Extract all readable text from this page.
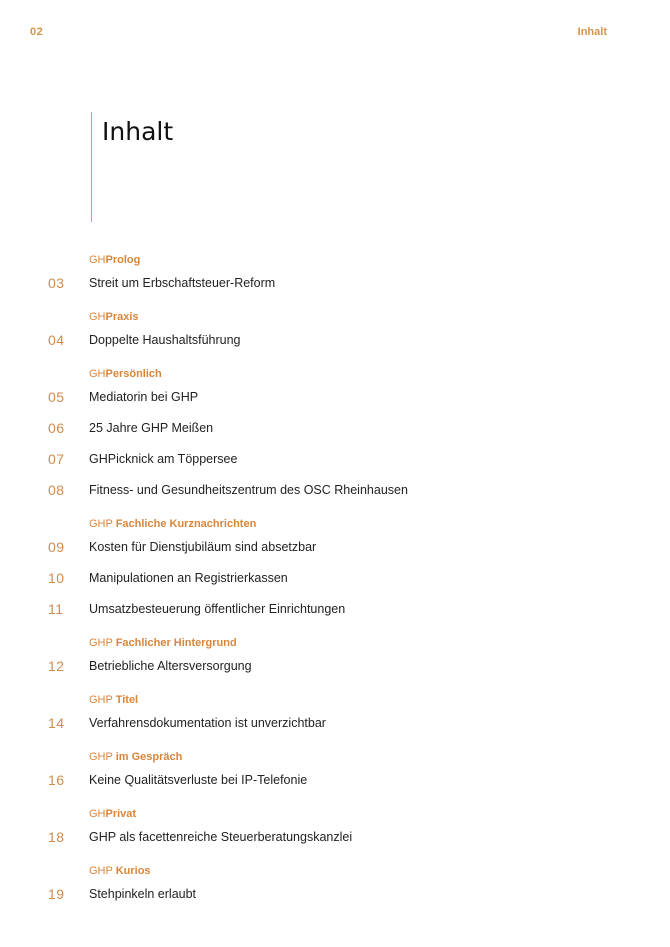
02	Inhalt
Inhalt
GHProlog
03	Streit um Erbschaftsteuer-Reform
GHPraxis
04	Doppelte Haushaltsführung
GHPersönlich
05	Mediatorin bei GHP
06	25 Jahre GHP Meißen
07	GHPicknick am Töppersee
08	Fitness- und Gesundheitszentrum des OSC Rheinhausen
GHP Fachliche Kurznachrichten
09	Kosten für Dienstjubiläum sind absetzbar
10	Manipulationen an Registrierkassen
11	Umsatzbesteuerung öffentlicher Einrichtungen
GHP Fachlicher Hintergrund
12	Betriebliche Altersversorgung
GHP Titel
14	Verfahrensdokumentation ist unverzichtbar
GHP im Gespräch
16	Keine Qualitätsverluste bei IP-Telefonie
GHPrivat
18	GHP als facettenreiche Steuerberatungskanzlei
GHP Kurios
19	Stehpinkeln erlaubt
